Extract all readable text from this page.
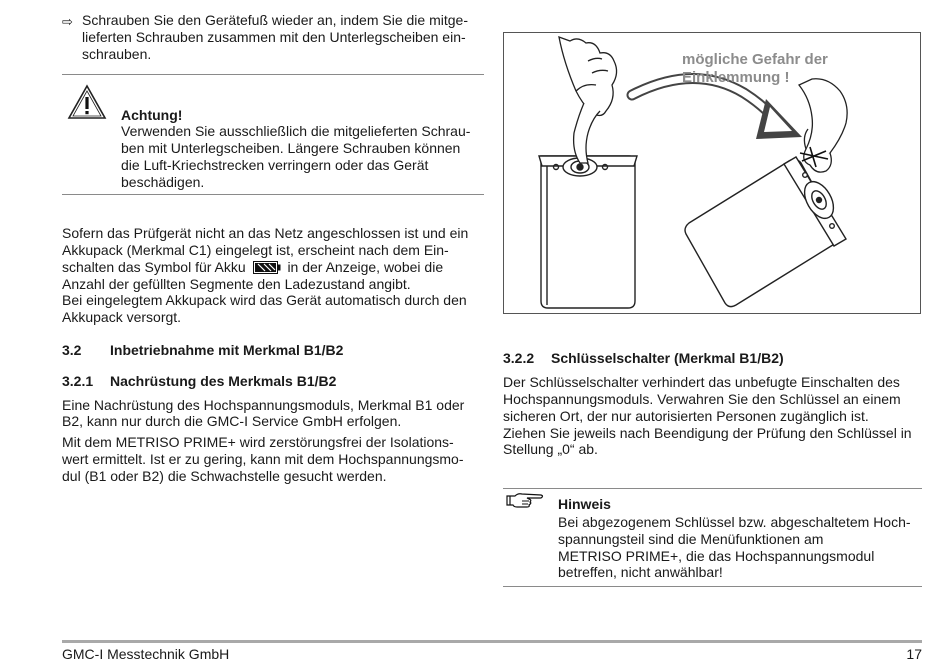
⇨ Schrauben Sie den Gerätefuß wieder an, indem Sie die mitge-
lieferten Schrauben zusammen mit den Unterlegscheiben ein-
schrauben.
Achtung!
Verwenden Sie ausschließlich die mitgelieferten Schrau-
ben mit Unterlegscheiben. Längere Schrauben können
die Luft-Kriechstrecken verringern oder das Gerät
beschädigen.
Sofern das Prüfgerät nicht an das Netz angeschlossen ist und ein
Akkupack (Merkmal C1) eingelegt ist, erscheint nach dem Ein-
schalten das Symbol für Akku	in der Anzeige, wobei die
Anzahl der gefüllten Segmente den Ladezustand angibt.
Bei eingelegtem Akkupack wird das Gerät automatisch durch den
Akkupack versorgt.
3.2 Inbetriebnahme mit Merkmal B1/B2
3.2.1 Nachrüstung des Merkmals B1/B2
Eine Nachrüstung des Hochspannungsmoduls, Merkmal B1 oder
B2, kann nur durch die GMC-I Service GmbH erfolgen.
Mit dem METRISO PRIME+ wird zerstörungsfrei der Isolations-
wert ermittelt. Ist er zu gering, kann mit dem Hochspannungsmo-
dul (B1 oder B2) die Schwachstelle gesucht werden.
mögliche Gefahr der
Einklemmung !
3.2.2 Schlüsselschalter (Merkmal B1/B2)
Der Schlüsselschalter verhindert das unbefugte Einschalten des
Hochspannungsmoduls. Verwahren Sie den Schlüssel an einem
sicheren Ort, der nur autorisierten Personen zugänglich ist.
Ziehen Sie jeweils nach Beendigung der Prüfung den Schlüssel in
Stellung „0“ ab.
Hinweis
Bei abgezogenem Schlüssel bzw. abgeschaltetem Hoch-
spannungsteil sind die Menüfunktionen am
METRISO PRIME+, die das Hochspannungsmodul
betreffen, nicht anwählbar!
GMC-I Messtechnik GmbH	17
